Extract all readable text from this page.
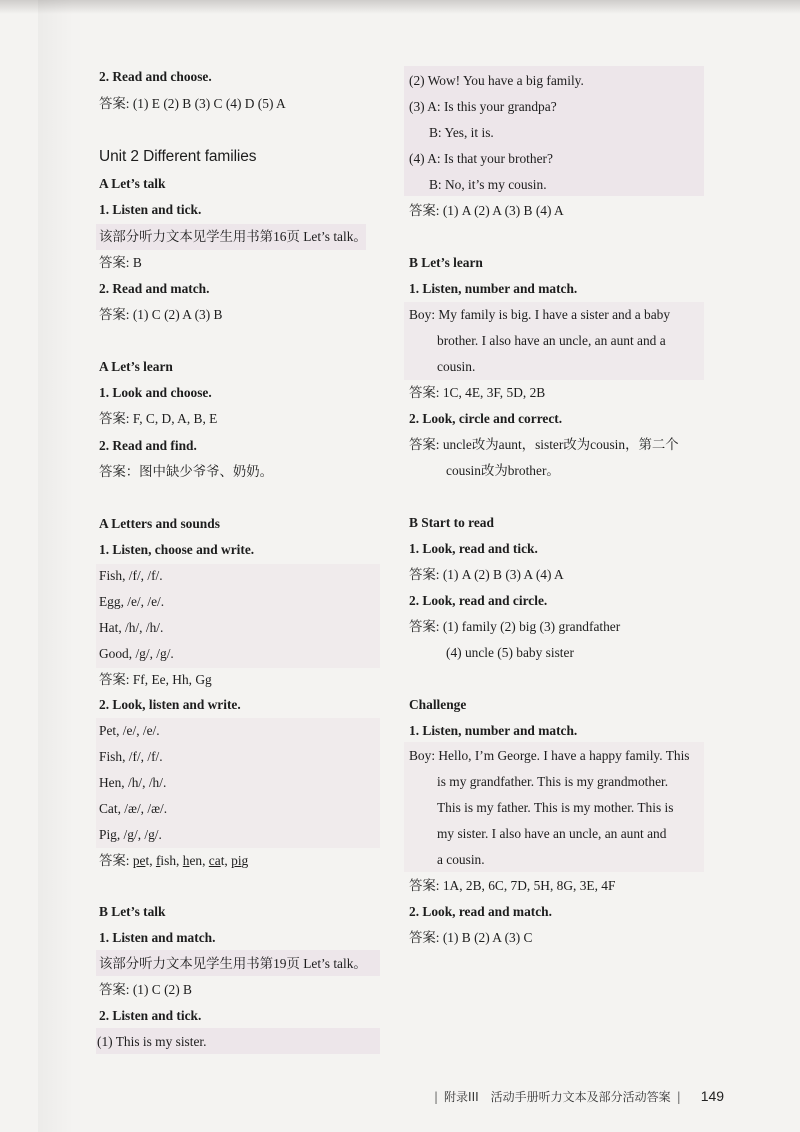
2. Read and choose.
答案: (1) E (2) B (3) C (4) D (5) A
Unit 2 Different families
A Let’s talk
1. Listen and tick.
该部分听力文本见学生用书第16页 Let’s talk。
答案: B
2. Read and match.
答案: (1) C (2) A (3) B
A Let’s learn
1. Look and choose.
答案: F, C, D, A, B, E
2. Read and find.
答案：图中缺少爷爷、奶奶。
A Letters and sounds
1. Listen, choose and write.
Fish, /f/, /f/.
Egg, /e/, /e/.
Hat, /h/, /h/.
Good, /g/, /g/.
答案: Ff, Ee, Hh, Gg
2. Look, listen and write.
Pet, /e/, /e/.
Fish, /f/, /f/.
Hen, /h/, /h/.
Cat, /æ/, /æ/.
Pig, /g/, /g/.
答案: pet, fish, hen, cat, pig
B Let’s talk
1. Listen and match.
该部分听力文本见学生用书第19页 Let’s talk。
答案: (1) C (2) B
2. Listen and tick.
(1) This is my sister.
(2) Wow! You have a big family.
(3) A: Is this your grandpa?
B: Yes, it is.
(4) A: Is that your brother?
B: No, it’s my cousin.
答案: (1) A (2) A (3) B (4) A
B Let’s learn
1. Listen, number and match.
Boy: My family is big. I have a sister and a baby
brother. I also have an uncle, an aunt and a
cousin.
答案: 1C, 4E, 3F, 5D, 2B
2. Look, circle and correct.
答案: uncle改为aunt，sister改为cousin，第二个
cousin改为brother。
B Start to read
1. Look, read and tick.
答案: (1) A (2) B (3) A (4) A
2. Look, read and circle.
答案: (1) family (2) big (3) grandfather
(4) uncle (5) baby sister
Challenge
1. Listen, number and match.
Boy: Hello, I’m George. I have a happy family. This
is my grandfather. This is my grandmother.
This is my father. This is my mother. This is
my sister. I also have an uncle, an aunt and
a cousin.
答案: 1A, 2B, 6C, 7D, 5H, 8G, 3E, 4F
2. Look, read and match.
答案: (1) B (2) A (3) C
| 附录III 活动手册听力文本及部分活动答案 | 149
